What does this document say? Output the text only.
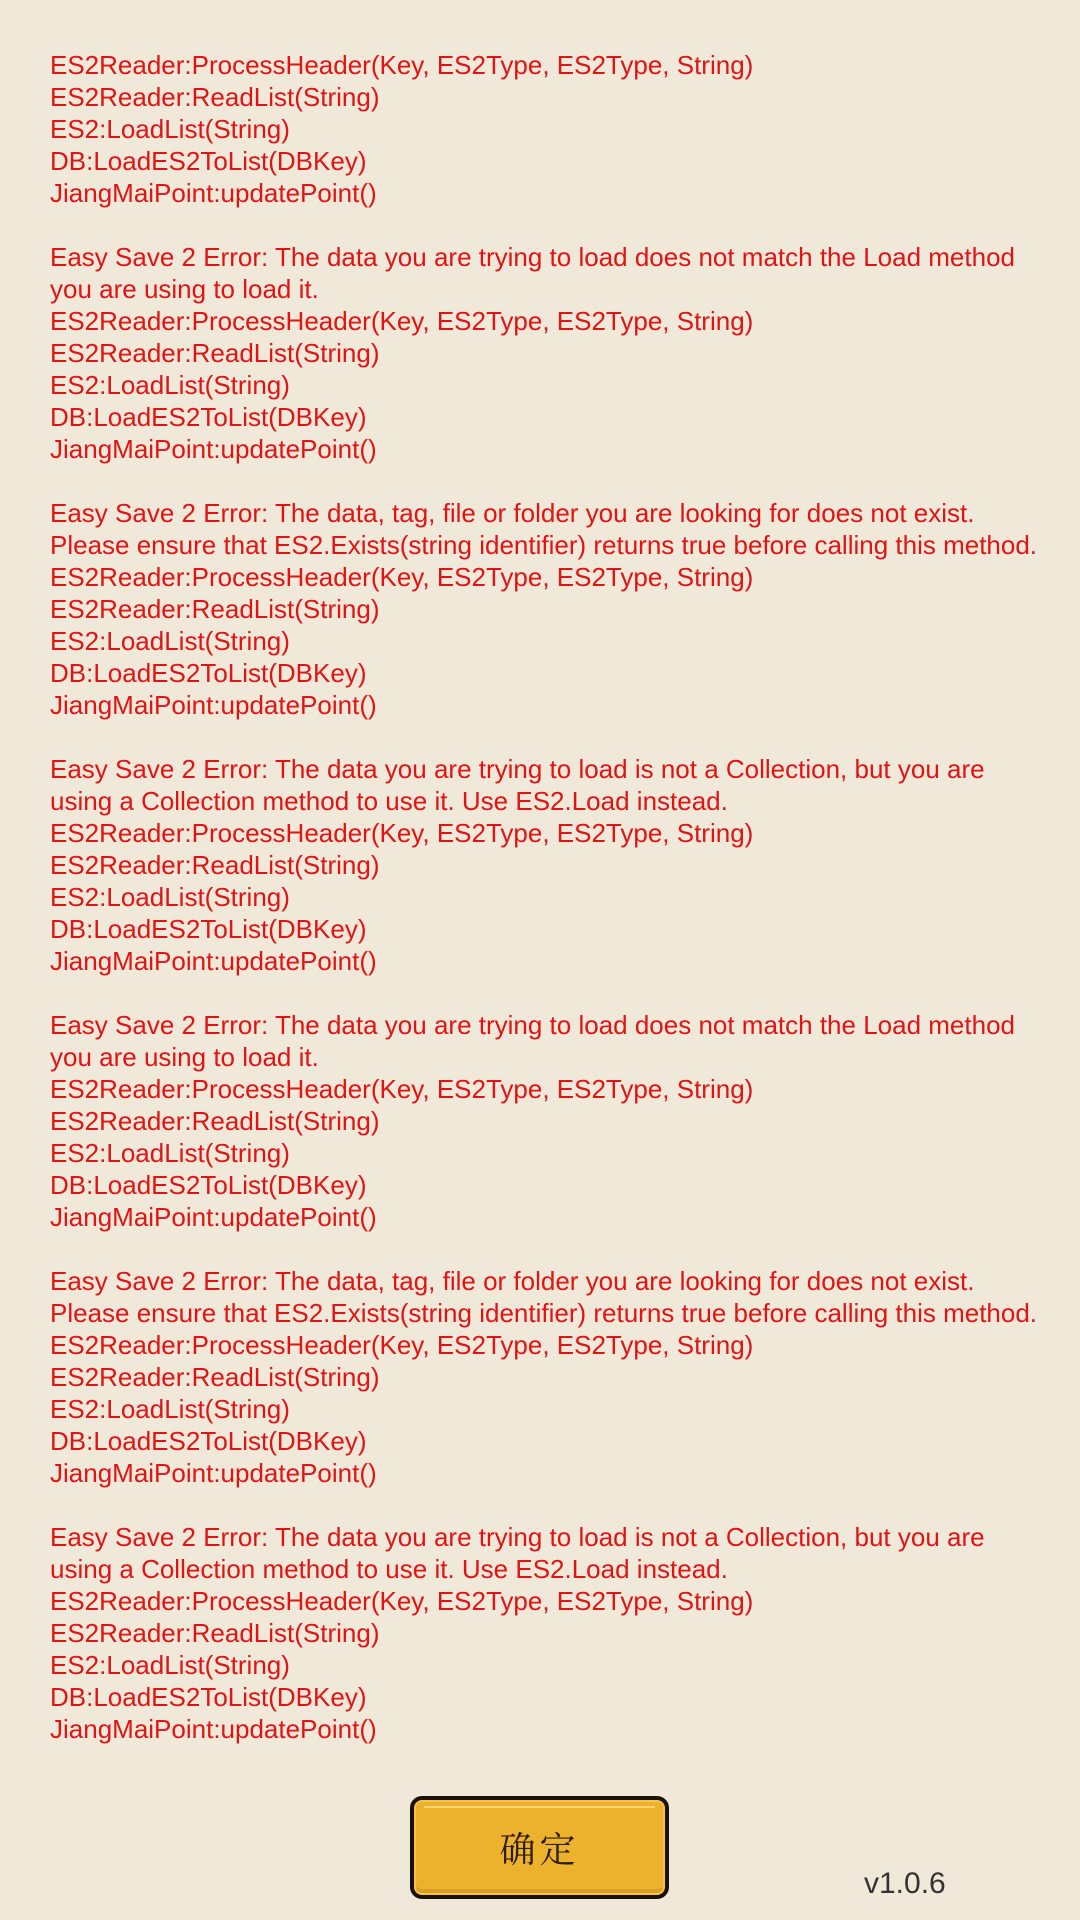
ES2Reader:ProcessHeader(Key, ES2Type, ES2Type, String)
ES2Reader:ReadList(String)
ES2:LoadList(String)
DB:LoadES2ToList(DBKey)
JiangMaiPoint:updatePoint()
Easy Save 2 Error: The data you are trying to load does not match the Load method you are using to load it.
ES2Reader:ProcessHeader(Key, ES2Type, ES2Type, String)
ES2Reader:ReadList(String)
ES2:LoadList(String)
DB:LoadES2ToList(DBKey)
JiangMaiPoint:updatePoint()
Easy Save 2 Error: The data, tag, file or folder you are looking for does not exist. Please ensure that ES2.Exists(string identifier) returns true before calling this method.
ES2Reader:ProcessHeader(Key, ES2Type, ES2Type, String)
ES2Reader:ReadList(String)
ES2:LoadList(String)
DB:LoadES2ToList(DBKey)
JiangMaiPoint:updatePoint()
Easy Save 2 Error: The data you are trying to load is not a Collection, but you are using a Collection method to use it. Use ES2.Load instead.
ES2Reader:ProcessHeader(Key, ES2Type, ES2Type, String)
ES2Reader:ReadList(String)
ES2:LoadList(String)
DB:LoadES2ToList(DBKey)
JiangMaiPoint:updatePoint()
Easy Save 2 Error: The data you are trying to load does not match the Load method you are using to load it.
ES2Reader:ProcessHeader(Key, ES2Type, ES2Type, String)
ES2Reader:ReadList(String)
ES2:LoadList(String)
DB:LoadES2ToList(DBKey)
JiangMaiPoint:updatePoint()
Easy Save 2 Error: The data, tag, file or folder you are looking for does not exist. Please ensure that ES2.Exists(string identifier) returns true before calling this method.
ES2Reader:ProcessHeader(Key, ES2Type, ES2Type, String)
ES2Reader:ReadList(String)
ES2:LoadList(String)
DB:LoadES2ToList(DBKey)
JiangMaiPoint:updatePoint()
Easy Save 2 Error: The data you are trying to load is not a Collection, but you are using a Collection method to use it. Use ES2.Load instead.
ES2Reader:ProcessHeader(Key, ES2Type, ES2Type, String)
ES2Reader:ReadList(String)
ES2:LoadList(String)
DB:LoadES2ToList(DBKey)
JiangMaiPoint:updatePoint()
确定
v1.0.6
